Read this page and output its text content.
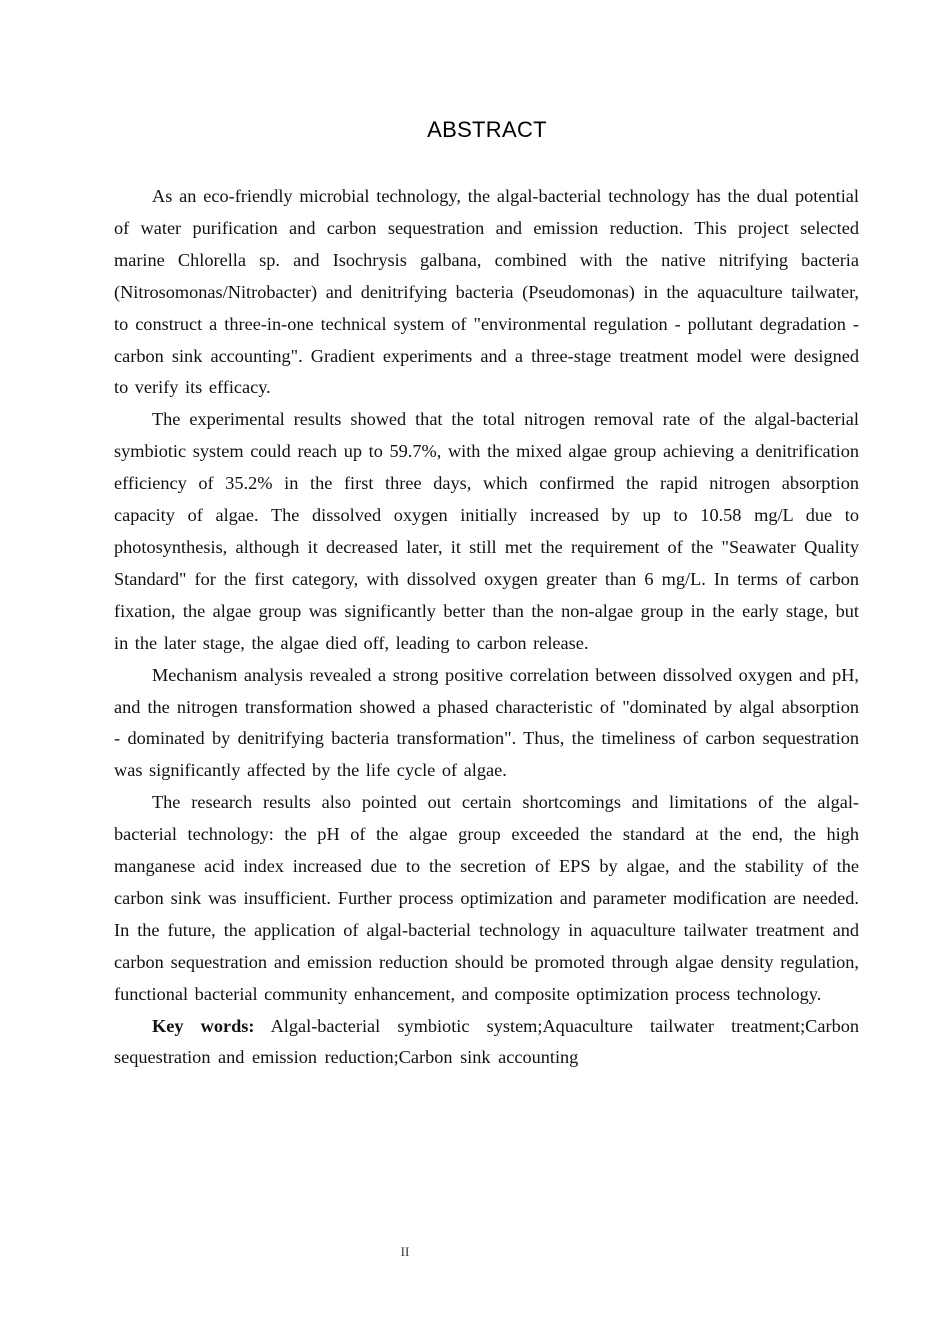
ABSTRACT

As an eco-friendly microbial technology, the algal-bacterial technology has the dual potential of water purification and carbon sequestration and emission reduction. This project selected marine Chlorella sp. and Isochrysis galbana, combined with the native nitrifying bacteria (Nitrosomonas/Nitrobacter) and denitrifying bacteria (Pseudomonas) in the aquaculture tailwater, to construct a three-in-one technical system of "environmental regulation - pollutant degradation - carbon sink accounting". Gradient experiments and a three-stage treatment model were designed to verify its efficacy.

The experimental results showed that the total nitrogen removal rate of the algal-bacterial symbiotic system could reach up to 59.7%, with the mixed algae group achieving a denitrification efficiency of 35.2% in the first three days, which confirmed the rapid nitrogen absorption capacity of algae. The dissolved oxygen initially increased by up to 10.58 mg/L due to photosynthesis, although it decreased later, it still met the requirement of the "Seawater Quality Standard" for the first category, with dissolved oxygen greater than 6 mg/L. In terms of carbon fixation, the algae group was significantly better than the non-algae group in the early stage, but in the later stage, the algae died off, leading to carbon release.

Mechanism analysis revealed a strong positive correlation between dissolved oxygen and pH, and the nitrogen transformation showed a phased characteristic of "dominated by algal absorption - dominated by denitrifying bacteria transformation". Thus, the timeliness of carbon sequestration was significantly affected by the life cycle of algae.

The research results also pointed out certain shortcomings and limitations of the algal-bacterial technology: the pH of the algae group exceeded the standard at the end, the high manganese acid index increased due to the secretion of EPS by algae, and the stability of the carbon sink was insufficient. Further process optimization and parameter modification are needed. In the future, the application of algal-bacterial technology in aquaculture tailwater treatment and carbon sequestration and emission reduction should be promoted through algae density regulation, functional bacterial community enhancement, and composite optimization process technology.

Key words: Algal-bacterial symbiotic system;Aquaculture tailwater treatment;Carbon sequestration and emission reduction;Carbon sink accounting

II
